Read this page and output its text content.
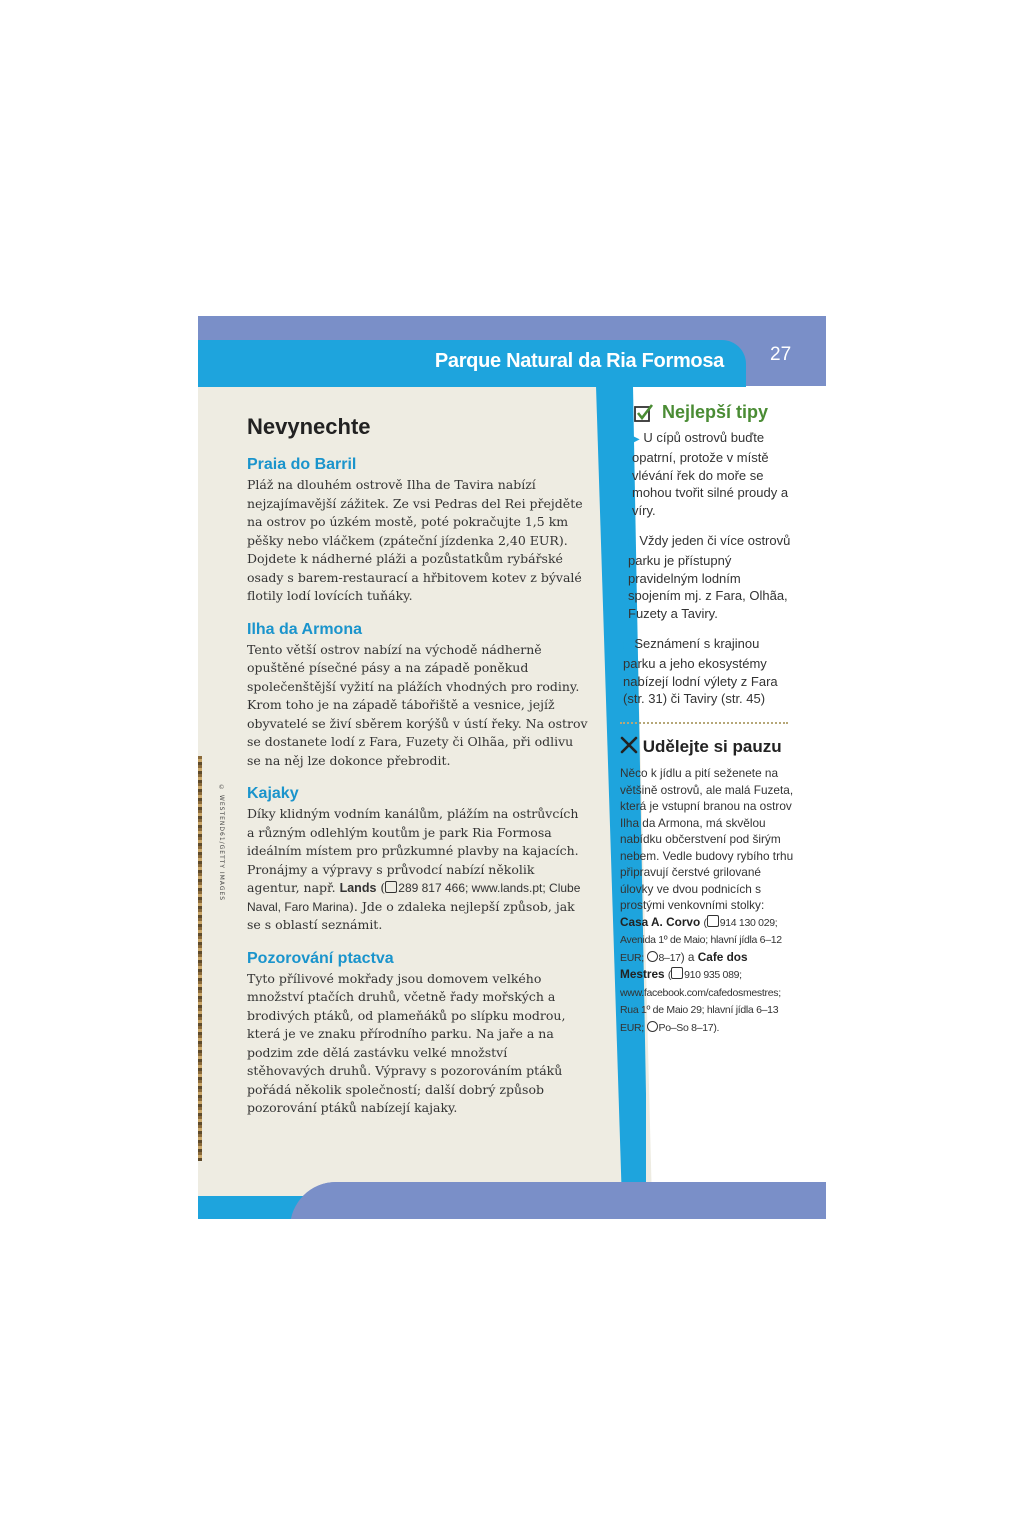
© WESTEND61/GETTY IMAGES
Parque Natural da Ria Formosa 27
Nevynechte
Praia do Barril

Pláž na dlouhém ostrově Ilha de Tavira nabízí nejzajímavější zážitek. Ze vsi Pedras del Rei přejděte na ostrov po úzkém mostě, poté pokračujte 1,5 km pěšky nebo vláčkem (zpáteční jízdenka 2,40 EUR). Dojdete k nádherné pláži a pozůstatkům rybářské osady s barem-restaurací a hřbitovem kotev z bývalé flotily lodí lovících tuňáky.

Ilha da Armona

Tento větší ostrov nabízí na východě nádherně opuštěné písečné pásy a na západě poněkud společenštější vyžití na plážích vhodných pro rodiny. Krom toho je na západě tábořiště a vesnice, jejíž obyvatelé se živí sběrem korýšů v ústí řeky. Na ostrov se dostanete lodí z Fara, Fuzety či Olhãa, při odlivu se na něj lze dokonce přebrodit.

Kajaky

Díky klidným vodním kanálům, plážím na ostrůvcích a různým odlehlým koutům je park Ria Formosa ideálním místem pro průzkumné plavby na kajacích. Pronájmy a výpravy s průvodcí nabízí několik agentur, např. Lands ( 289 817 466; www.lands.pt; Clube Naval, Faro Marina). Jde o zdaleka nejlepší způsob, jak se s oblastí seznámit.

Pozorování ptactva

Tyto přílivové mokřady jsou domovem velkého množství ptačích druhů, včetně řady mořských a brodivých ptáků, od plameňáků po slípku modrou, která je ve znaku přírodního parku. Na jaře a na podzim zde dělá zastávku velké množství stěhovavých druhů. Výpravy s pozorováním ptáků pořádá několik společností; další dobrý způsob pozorování ptáků nabízejí kajaky.

Nejlepší tipy
▶ U cípů ostrovů buďte opatrní, protože v místě vlévání řek do moře se mohou tvořit silné proudy a víry.
▶ Vždy jeden či více ostrovů parku je přístupný pravidelným lodním spojením mj. z Fara, Olhãa, Fuzety a Taviry.
▶ Seznámení s krajinou parku a jeho ekosystémy nabízejí lodní výlety z Fara (str. 31) či Taviry (str. 45)
Udělejte si pauzu

Něco k jídlu a pití seženete na většině ostrovů, ale malá Fuzeta, která je vstupní branou na ostrov Ilha da Armona, má skvělou nabídku občerstvení pod širým nebem. Vedle budovy rybího trhu připravují čerstvé grilované úlovky ve dvou podnicích s prostými venkovními stolky: Casa A. Corvo ( 914 130 029; Avenida 1º de Maio; hlavní jídla 6–12 EUR; 8–17) a Cafe dos Mestres ( 910 935 089; www.facebook.com/cafedosmestres; Rua 1º de Maio 29; hlavní jídla 6–13 EUR; Po–So 8–17).
